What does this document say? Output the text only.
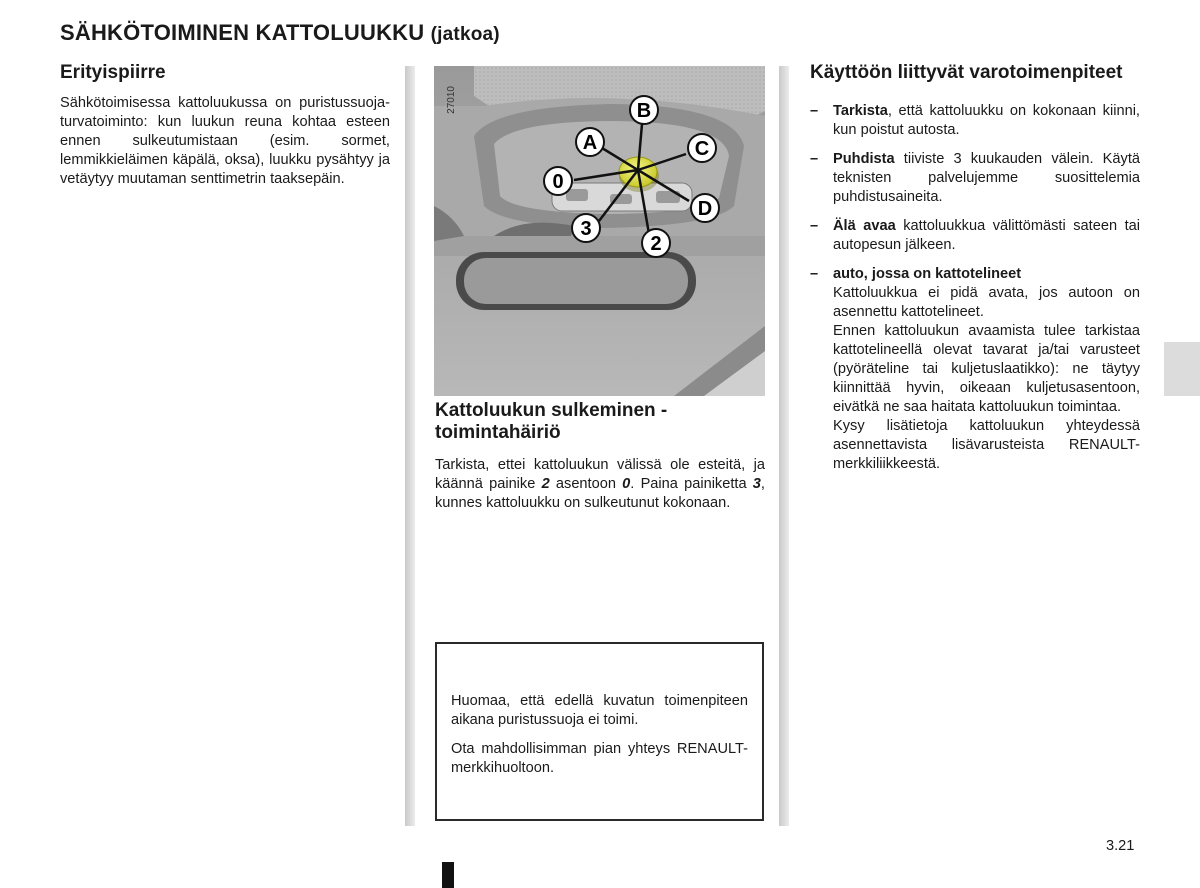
SÄHKÖTOIMINEN KATTOLUUKKU (jatkoa)
Erityispiirre

Sähkötoimisessa kattoluukussa on puristussuoja-turvatoiminto: kun luukun reuna kohtaa esteen ennen sulkeutumistaan (esim. sormet, lemmikkieläimen käpälä, oksa), luukku pysähtyy ja vetäytyy muutaman senttimetrin taaksepäin.

B
A	C
0
D
3
2
27010
Kattoluukun sulkeminen - toimintahäiriö

Tarkista, ettei kattoluukun välissä ole esteitä, ja käännä painike 2 asentoon 0. Paina painiketta 3, kunnes kattoluukku on sulkeutunut kokonaan.

Huomaa, että edellä kuvatun toimenpiteen aikana puristussuoja ei toimi.

Ota mahdollisimman pian yhteys RENAULT-merkkihuoltoon.

Käyttöön liittyvät varotoimenpiteet
– Tarkista, että kattoluukku on kokonaan kiinni, kun poistut autosta.
– Puhdista tiiviste 3 kuukauden välein. Käytä teknisten palvelujemme suosittelemia puhdistusaineita.
– Älä avaa kattoluukkua välittömästi sateen tai autopesun jälkeen.
– auto, jossa on kattotelineet
Kattoluukkua ei pidä avata, jos autoon on asennettu kattotelineet.
Ennen kattoluukun avaamista tulee tarkistaa kattotelineellä olevat tavarat ja/tai varusteet (pyöräteline tai kuljetuslaatikko): ne täytyy kiinnittää hyvin, oikeaan kuljetusasentoon, eivätkä ne saa haitata kattoluukun toimintaa.
Kysy lisätietoja kattoluukun yhteydessä asennettavista lisävarusteista RENAULT-merkkiliikkeestä.
3.21
